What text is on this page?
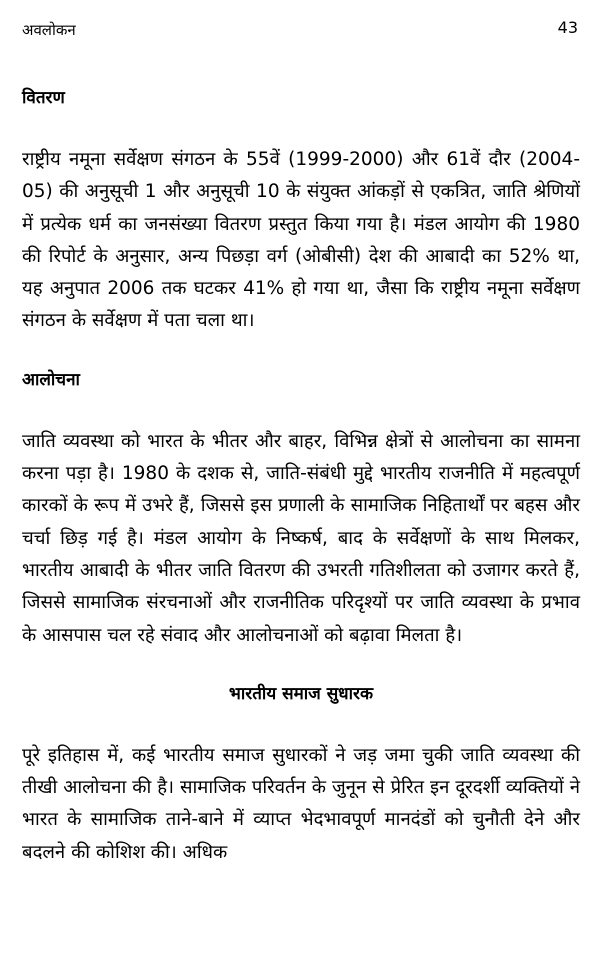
अवलोकन	43
वितरण

राष्ट्रीय नमूना सर्वेक्षण संगठन के 55वें (1999-2000) और 61वें दौर (2004-05) की अनुसूची 1 और अनुसूची 10 के संयुक्त आंकड़ों से एकत्रित, जाति श्रेणियों में प्रत्येक धर्म का जनसंख्या वितरण प्रस्तुत किया गया है। मंडल आयोग की 1980 की रिपोर्ट के अनुसार, अन्य पिछड़ा वर्ग (ओबीसी) देश की आबादी का 52% था, यह अनुपात 2006 तक घटकर 41% हो गया था, जैसा कि राष्ट्रीय नमूना सर्वेक्षण संगठन के सर्वेक्षण में पता चला था।

आलोचना

जाति व्यवस्था को भारत के भीतर और बाहर, विभिन्न क्षेत्रों से आलोचना का सामना करना पड़ा है। 1980 के दशक से, जाति-संबंधी मुद्दे भारतीय राजनीति में महत्वपूर्ण कारकों के रूप में उभरे हैं, जिससे इस प्रणाली के सामाजिक निहितार्थों पर बहस और चर्चा छिड़ गई है। मंडल आयोग के निष्कर्ष, बाद के सर्वेक्षणों के साथ मिलकर, भारतीय आबादी के भीतर जाति वितरण की उभरती गतिशीलता को उजागर करते हैं, जिससे सामाजिक संरचनाओं और राजनीतिक परिदृश्यों पर जाति व्यवस्था के प्रभाव के आसपास चल रहे संवाद और आलोचनाओं को बढ़ावा मिलता है।

भारतीय समाज सुधारक

पूरे इतिहास में, कई भारतीय समाज सुधारकों ने जड़ जमा चुकी जाति व्यवस्था की तीखी आलोचना की है। सामाजिक परिवर्तन के जुनून से प्रेरित इन दूरदर्शी व्यक्तियों ने भारत के सामाजिक ताने-बाने में व्याप्त भेदभावपूर्ण मानदंडों को चुनौती देने और बदलने की कोशिश की। अधिक
